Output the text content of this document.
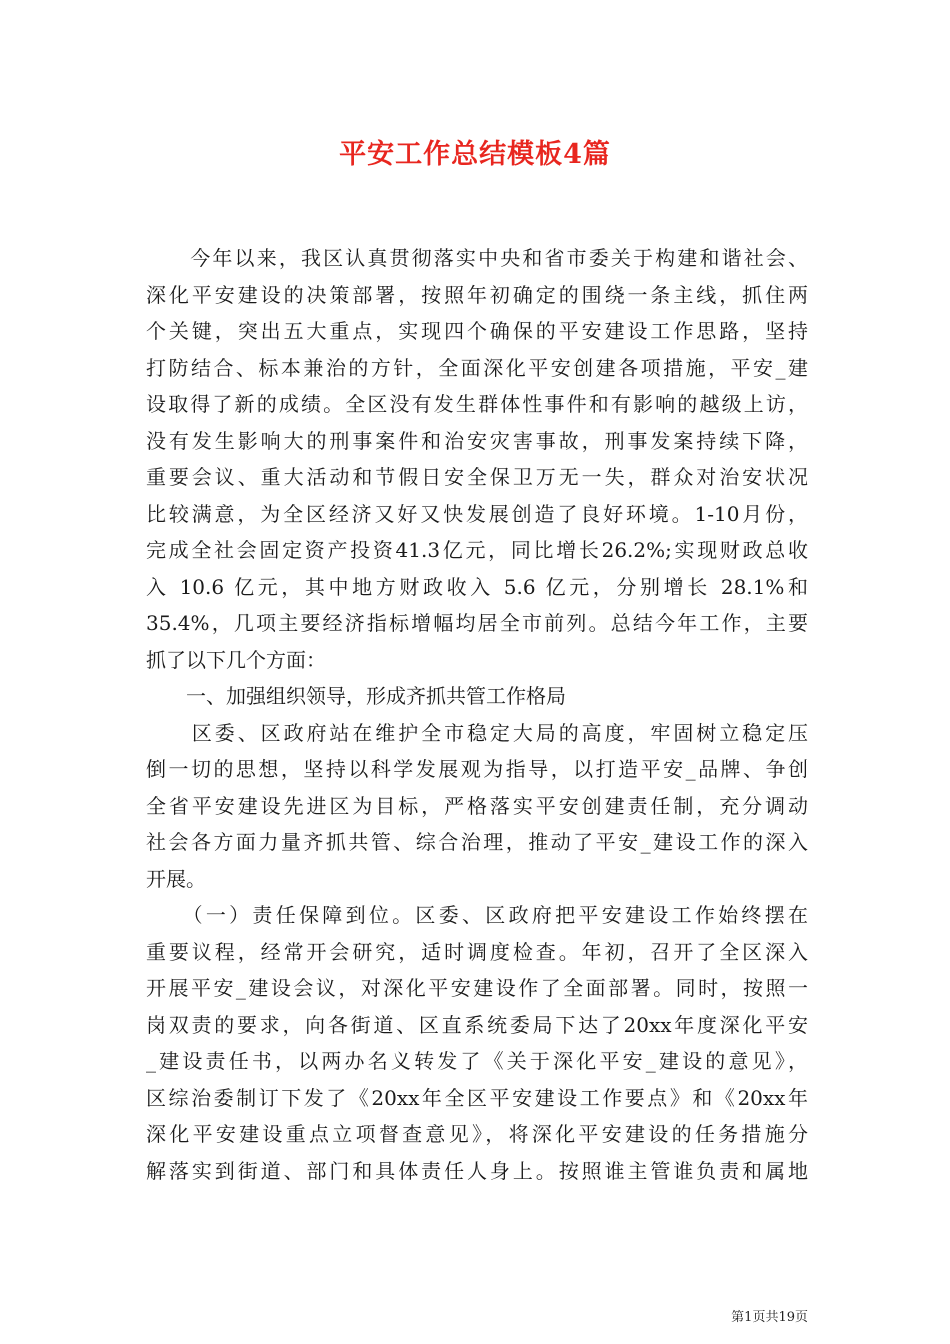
平安工作总结模板4篇
　　今年以来，我区认真贯彻落实中央和省市委关于构建和谐社会、
深化平安建设的决策部署，按照年初确定的围绕一条主线，抓住两
个关键，突出五大重点，实现四个确保的平安建设工作思路，坚持
打防结合、标本兼治的方针，全面深化平安创建各项措施，平安_建
设取得了新的成绩。全区没有发生群体性事件和有影响的越级上访，
没有发生影响大的刑事案件和治安灾害事故，刑事发案持续下降，
重要会议、重大活动和节假日安全保卫万无一失，群众对治安状况
比较满意，为全区经济又好又快发展创造了良好环境。1-10月份，
完成全社会固定资产投资41.3亿元，同比增长26.2%;实现财政总收
入 10.6 亿元，其中地方财政收入 5.6 亿元，分别增长 28.1%和
35.4%，几项主要经济指标增幅均居全市前列。总结今年工作，主要
抓了以下几个方面：
　　一、加强组织领导，形成齐抓共管工作格局
　　区委、区政府站在维护全市稳定大局的高度，牢固树立稳定压
倒一切的思想，坚持以科学发展观为指导，以打造平安_品牌、争创
全省平安建设先进区为目标，严格落实平安创建责任制，充分调动
社会各方面力量齐抓共管、综合治理，推动了平安_建设工作的深入
开展。
　　（一）责任保障到位。区委、区政府把平安建设工作始终摆在
重要议程，经常开会研究，适时调度检查。年初，召开了全区深入
开展平安_建设会议，对深化平安建设作了全面部署。同时，按照一
岗双责的要求，向各街道、区直系统委局下达了20xx年度深化平安
_建设责任书，以两办名义转发了《关于深化平安_建设的意见》，
区综治委制订下发了《20xx年全区平安建设工作要点》和《20xx年
深化平安建设重点立项督查意见》，将深化平安建设的任务措施分
解落实到街道、部门和具体责任人身上。按照谁主管谁负责和属地
第1页共19页
